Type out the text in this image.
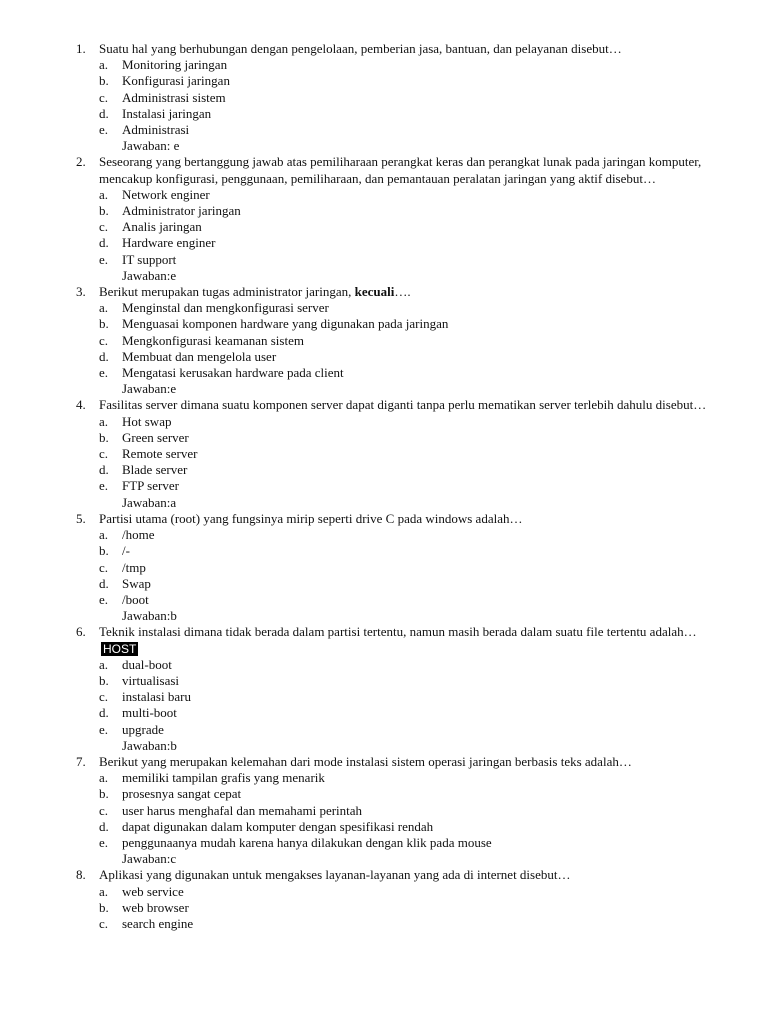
1. Suatu hal yang berhubungan dengan pengelolaan, pemberian jasa, bantuan, dan pelayanan disebut…
a. Monitoring jaringan
b. Konfigurasi jaringan
c. Administrasi sistem
d. Instalasi jaringan
e. Administrasi
Jawaban: e
2. Seseorang yang bertanggung jawab atas pemiliharaan perangkat keras dan perangkat lunak pada jaringan komputer, mencakup konfigurasi, penggunaan, pemiliharaan, dan pemantauan peralatan jaringan yang aktif disebut…
a. Network enginer
b. Administrator jaringan
c. Analis jaringan
d. Hardware enginer
e. IT support
Jawaban:e
3. Berikut merupakan tugas administrator jaringan, kecuali….
a. Menginstal dan mengkonfigurasi server
b. Menguasai komponen hardware yang digunakan pada jaringan
c. Mengkonfigurasi keamanan sistem
d. Membuat dan mengelola user
e. Mengatasi kerusakan hardware pada client
Jawaban:e
4. Fasilitas server dimana suatu komponen server dapat diganti tanpa perlu mematikan server terlebih dahulu disebut…
a. Hot swap
b. Green server
c. Remote server
d. Blade server
e. FTP server
Jawaban:a
5. Partisi utama (root) yang fungsinya mirip seperti drive C pada windows adalah…
a. /home
b. /-
c. /tmp
d. Swap
e. /boot
Jawaban:b
6. Teknik instalasi dimana tidak berada dalam partisi tertentu, namun masih berada dalam suatu file tertentu adalah… HOST
a. dual-boot
b. virtualisasi
c. instalasi baru
d. multi-boot
e. upgrade
Jawaban:b
7. Berikut yang merupakan kelemahan dari mode instalasi sistem operasi jaringan berbasis teks adalah…
a. memiliki tampilan grafis yang menarik
b. prosesnya sangat cepat
c. user harus menghafal dan memahami perintah
d. dapat digunakan dalam komputer dengan spesifikasi rendah
e. penggunaanya mudah karena hanya dilakukan dengan klik pada mouse
Jawaban:c
8. Aplikasi yang digunakan untuk mengakses layanan-layanan yang ada di internet disebut…
a. web service
b. web browser
c. search engine
